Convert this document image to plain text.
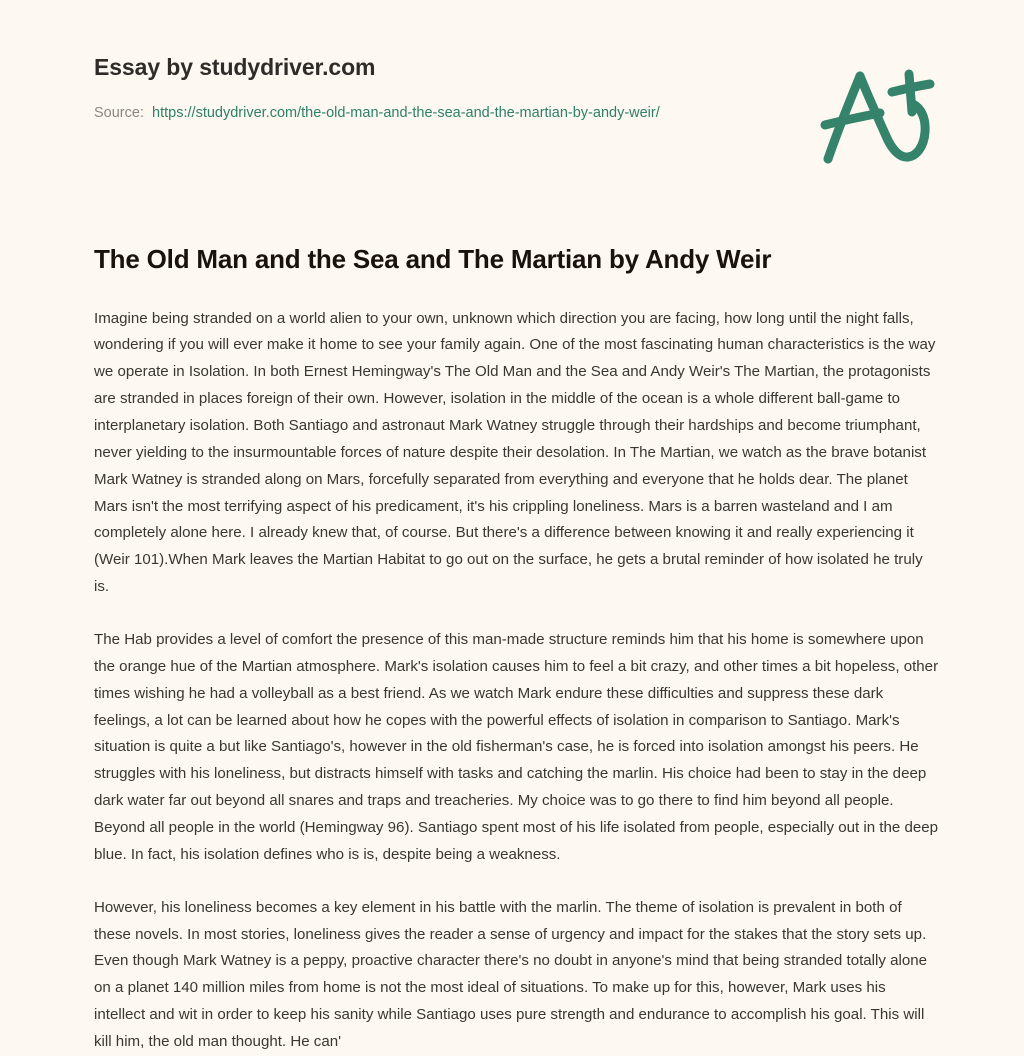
Essay by studydriver.com
Source: https://studydriver.com/the-old-man-and-the-sea-and-the-martian-by-andy-weir/
The Old Man and the Sea and The Martian by Andy Weir

Imagine being stranded on a world alien to your own, unknown which direction you are facing, how long until the night falls, wondering if you will ever make it home to see your family again. One of the most fascinating human characteristics is the way we operate in Isolation. In both Ernest Hemingway's The Old Man and the Sea and Andy Weir's The Martian, the protagonists are stranded in places foreign of their own. However, isolation in the middle of the ocean is a whole different ball-game to interplanetary isolation. Both Santiago and astronaut Mark Watney struggle through their hardships and become triumphant, never yielding to the insurmountable forces of nature despite their desolation. In The Martian, we watch as the brave botanist Mark Watney is stranded along on Mars, forcefully separated from everything and everyone that he holds dear. The planet Mars isn't the most terrifying aspect of his predicament, it's his crippling loneliness. Mars is a barren wasteland and I am completely alone here. I already knew that, of course. But there's a difference between knowing it and really experiencing it (Weir 101).When Mark leaves the Martian Habitat to go out on the surface, he gets a brutal reminder of how isolated he truly is.

The Hab provides a level of comfort the presence of this man-made structure reminds him that his home is somewhere upon the orange hue of the Martian atmosphere. Mark's isolation causes him to feel a bit crazy, and other times a bit hopeless, other times wishing he had a volleyball as a best friend. As we watch Mark endure these difficulties and suppress these dark feelings, a lot can be learned about how he copes with the powerful effects of isolation in comparison to Santiago. Mark's situation is quite a but like Santiago's, however in the old fisherman's case, he is forced into isolation amongst his peers. He struggles with his loneliness, but distracts himself with tasks and catching the marlin. His choice had been to stay in the deep dark water far out beyond all snares and traps and treacheries. My choice was to go there to find him beyond all people. Beyond all people in the world (Hemingway 96). Santiago spent most of his life isolated from people, especially out in the deep blue. In fact, his isolation defines who is is, despite being a weakness.

However, his loneliness becomes a key element in his battle with the marlin. The theme of isolation is prevalent in both of these novels. In most stories, loneliness gives the reader a sense of urgency and impact for the stakes that the story sets up. Even though Mark Watney is a peppy, proactive character there's no doubt in anyone's mind that being stranded totally alone on a planet 140 million miles from home is not the most ideal of situations. To make up for this, however, Mark uses his intellect and wit in order to keep his sanity while Santiago uses pure strength and endurance to accomplish his goal. This will kill him, the old man thought. He can'
